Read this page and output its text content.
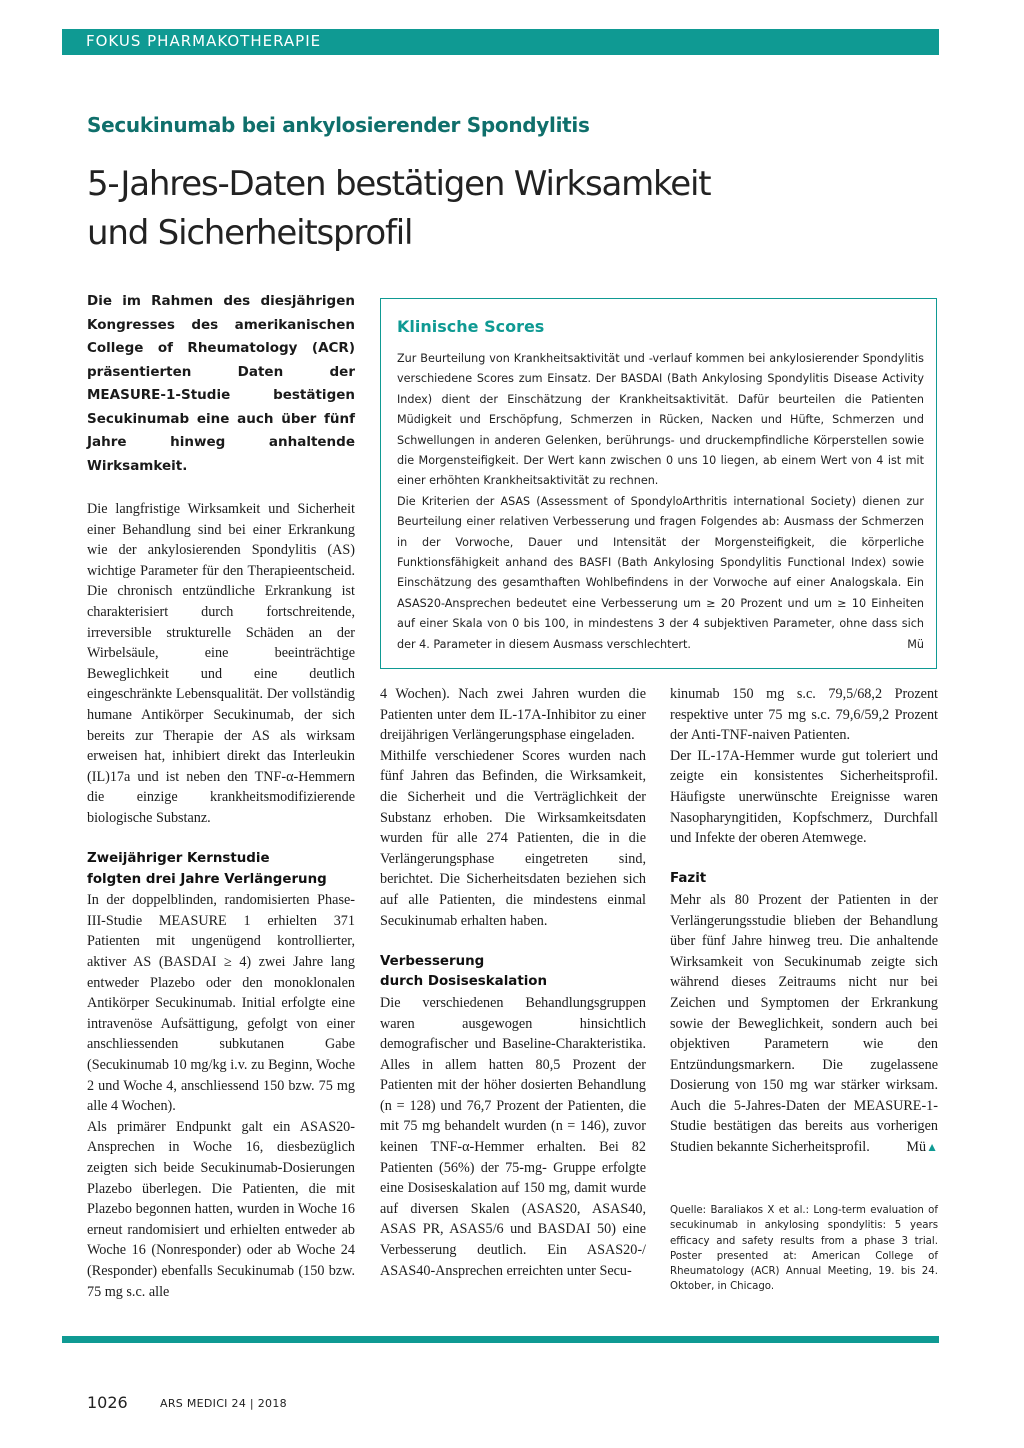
FOKUS PHARMAKOTHERAPIE
Secukinumab bei ankylosierender Spondylitis
5-Jahres-Daten bestätigen Wirksamkeit
und Sicherheitsprofil
Die im Rahmen des diesjährigen Kongresses des amerikanischen College of Rheumatology (ACR) präsentierten Daten der MEASURE-1-Studie bestätigen Secukinumab eine auch über fünf Jahre hinweg anhaltende Wirksamkeit.
Klinische Scores

Zur Beurteilung von Krankheitsaktivität und -verlauf kommen bei ankylosierender Spondylitis verschiedene Scores zum Einsatz. Der BASDAI (Bath Ankylosing Spondylitis Disease Activity Index) dient der Einschätzung der Krankheitsaktivität. Dafür beurteilen die Patienten Müdigkeit und Erschöpfung, Schmerzen in Rücken, Nacken und Hüfte, Schmerzen und Schwellungen in anderen Gelenken, berührungs- und druckempfindliche Körperstellen sowie die Morgensteifigkeit. Der Wert kann zwischen 0 uns 10 liegen, ab einem Wert von 4 ist mit einer erhöhten Krankheitsaktivität zu rechnen.

Die Kriterien der ASAS (Assessment of SpondyloArthritis international Society) dienen zur Beurteilung einer relativen Verbesserung und fragen Folgendes ab: Ausmass der Schmerzen in der Vorwoche, Dauer und Intensität der Morgensteifigkeit, die körperliche Funktionsfähigkeit anhand des BASFI (Bath Ankylosing Spondylitis Functional Index) sowie Einschätzung des gesamthaften Wohlbefindens in der Vorwoche auf einer Analogskala. Ein ASAS20-Ansprechen bedeutet eine Verbesserung um ≥ 20 Prozent und um ≥ 10 Einheiten auf einer Skala von 0 bis 100, in mindestens 3 der 4 subjektiven Parameter, ohne dass sich der 4. Parameter in diesem Ausmass verschlechtert.	Mü

Die langfristige Wirksamkeit und Sicherheit einer Behandlung sind bei einer Erkrankung wie der ankylosierenden Spondylitis (AS) wichtige Parameter für den Therapieentscheid. Die chronisch entzündliche Erkrankung ist charakterisiert durch fortschreitende, irreversible strukturelle Schäden an der Wirbelsäule, eine beeinträchtige Beweglichkeit und eine deutlich eingeschränkte Lebensqualität. Der vollständig humane Antikörper Secukinumab, der sich bereits zur Therapie der AS als wirksam erweisen hat, inhibiert direkt das Interleukin (IL)17a und ist neben den TNF-α-Hemmern die einzige krankheitsmodifizierende biologische Substanz.

Zweijähriger Kernstudie
folgten drei Jahre Verlängerung

In der doppelblinden, randomisierten Phase-III-Studie MEASURE 1 erhielten 371 Patienten mit ungenügend kontrollierter, aktiver AS (BASDAI ≥ 4) zwei Jahre lang entweder Plazebo oder den monoklonalen Antikörper Secukinumab. Initial erfolgte eine intravenöse Aufsättigung, gefolgt von einer anschliessenden subkutanen Gabe (Secukinumab 10 mg/kg i.v. zu Beginn, Woche 2 und Woche 4, anschliessend 150 bzw. 75 mg alle 4 Wochen).

Als primärer Endpunkt galt ein ASAS20-Ansprechen in Woche 16, diesbezüglich zeigten sich beide Secukinumab-Dosierungen Plazebo überlegen. Die Patienten, die mit Plazebo begonnen hatten, wurden in Woche 16 erneut randomisiert und erhielten entweder ab Woche 16 (Nonresponder) oder ab Woche 24 (Responder) ebenfalls Secukinumab (150 bzw. 75 mg s.c. alle

4 Wochen). Nach zwei Jahren wurden die Patienten unter dem IL-17A-Inhibitor zu einer dreijährigen Verlängerungsphase eingeladen.

Mithilfe verschiedener Scores wurden nach fünf Jahren das Befinden, die Wirksamkeit, die Sicherheit und die Verträglichkeit der Substanz erhoben. Die Wirksamkeitsdaten wurden für alle 274 Patienten, die in die Verlängerungsphase eingetreten sind, berichtet. Die Sicherheitsdaten beziehen sich auf alle Patienten, die mindestens einmal Secukinumab erhalten haben.

Verbesserung
durch Dosiseskalation

Die verschiedenen Behandlungsgruppen waren ausgewogen hinsichtlich demografischer und Baseline-Charakteristika. Alles in allem hatten 80,5 Prozent der Patienten mit der höher dosierten Behandlung (n = 128) und 76,7 Prozent der Patienten, die mit 75 mg behandelt wurden (n = 146), zuvor keinen TNF-α-Hemmer erhalten. Bei 82 Patienten (56%) der 75-mg- Gruppe erfolgte eine Dosiseskalation auf 150 mg, damit wurde auf diversen Skalen (ASAS20, ASAS40, ASAS PR, ASAS5/6 und BASDAI 50) eine Verbesserung deutlich. Ein ASAS20-/ ASAS40-Ansprechen erreichten unter Secu-

kinumab 150 mg s.c. 79,5/68,2 Prozent respektive unter 75 mg s.c. 79,6/59,2 Prozent der Anti-TNF-naiven Patienten.

Der IL-17A-Hemmer wurde gut toleriert und zeigte ein konsistentes Sicherheitsprofil. Häufigste unerwünschte Ereignisse waren Nasopharyngitiden, Kopfschmerz, Durchfall und Infekte der oberen Atemwege.

Fazit

Mehr als 80 Prozent der Patienten in der Verlängerungsstudie blieben der Behandlung über fünf Jahre hinweg treu. Die anhaltende Wirksamkeit von Secukinumab zeigte sich während dieses Zeitraums nicht nur bei Zeichen und Symptomen der Erkrankung sowie der Beweglichkeit, sondern auch bei objektiven Parametern wie den Entzündungsmarkern. Die zugelassene Dosierung von 150 mg war stärker wirksam. Auch die 5-Jahres-Daten der MEASURE-1-Studie bestätigen das bereits aus vorherigen Studien bekannte Sicherheitsprofil.	Mü▲

Quelle: Baraliakos X et al.: Long-term evaluation of secukinumab in ankylosing spondylitis: 5 years efficacy and safety results from a phase 3 trial. Poster presented at: American College of Rheumatology (ACR) Annual Meeting, 19. bis 24. Oktober, in Chicago.
1026	ARS MEDICI 24 | 2018
